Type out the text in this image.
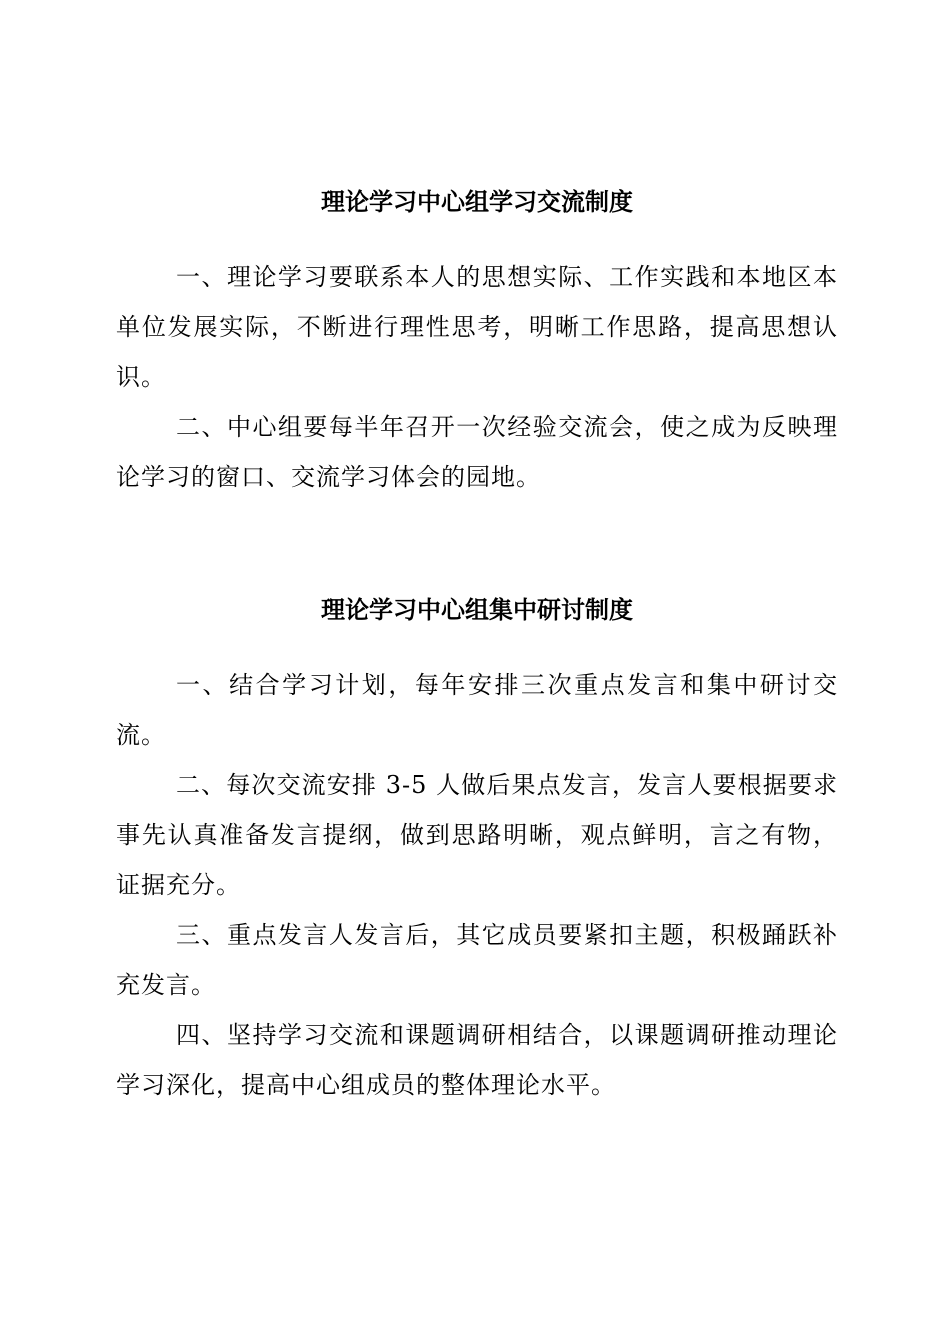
理论学习中心组学习交流制度

一、理论学习要联系本人的思想实际、工作实践和本地区本单位发展实际，不断进行理性思考，明晰工作思路，提高思想认识。

二、中心组要每半年召开一次经验交流会，使之成为反映理论学习的窗口、交流学习体会的园地。

理论学习中心组集中研讨制度

一、结合学习计划，每年安排三次重点发言和集中研讨交流。

二、每次交流安排 3-5 人做后果点发言，发言人要根据要求事先认真准备发言提纲，做到思路明晰，观点鲜明，言之有物，证据充分。

三、重点发言人发言后，其它成员要紧扣主题，积极踊跃补充发言。

四、坚持学习交流和课题调研相结合，以课题调研推动理论学习深化，提高中心组成员的整体理论水平。
